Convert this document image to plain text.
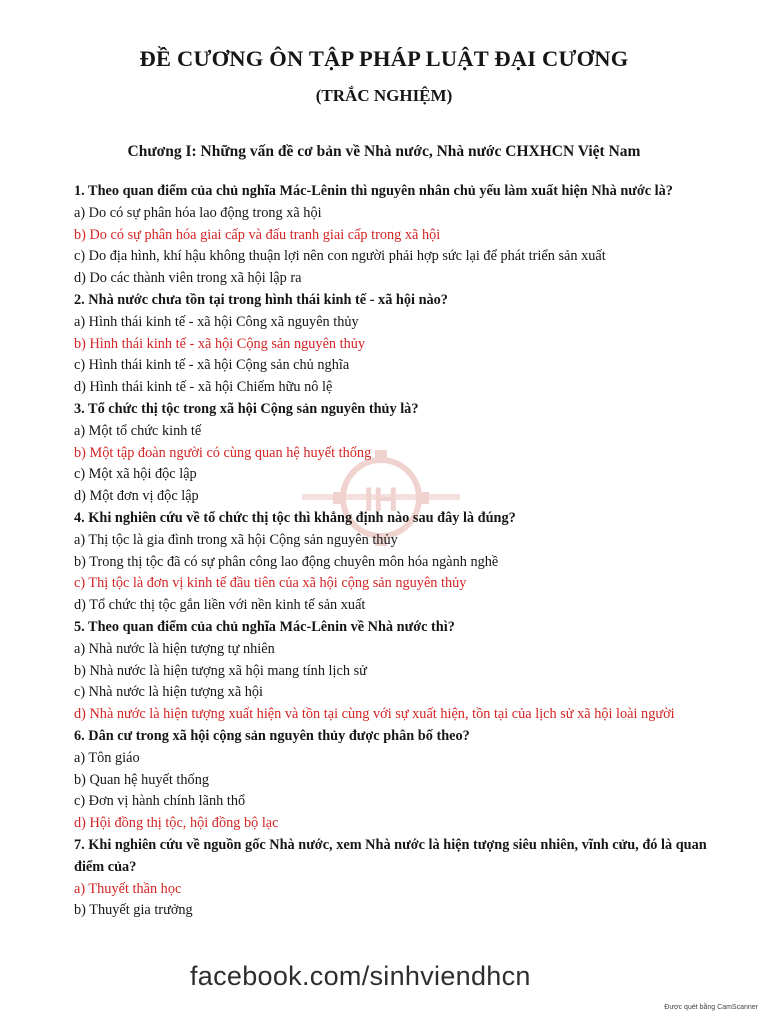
IH
ĐỀ CƯƠNG ÔN TẬP PHÁP LUẬT ĐẠI CƯƠNG
(TRẮC NGHIỆM)
Chương I: Những vấn đề cơ bản về Nhà nước, Nhà nước CHXHCN Việt Nam
1. Theo quan điểm của chủ nghĩa Mác-Lênin thì nguyên nhân chủ yếu làm xuất hiện Nhà nước là?
a) Do có sự phân hóa lao động trong xã hội
b) Do có sự phân hóa giai cấp và đấu tranh giai cấp trong xã hội
c) Do địa hình, khí hậu không thuận lợi nên con người phải hợp sức lại để phát triển sản xuất
d) Do các thành viên trong xã hội lập ra
2. Nhà nước chưa tồn tại trong hình thái kinh tế - xã hội nào?
a) Hình thái kinh tế - xã hội Công xã nguyên thủy
b) Hình thái kinh tế - xã hội Cộng sản nguyên thủy
c) Hình thái kinh tế - xã hội Cộng sản chủ nghĩa
d) Hình thái kinh tế - xã hội Chiếm hữu nô lệ
3. Tổ chức thị tộc trong xã hội Cộng sản nguyên thủy là?
a) Một tổ chức kinh tế
b) Một tập đoàn người có cùng quan hệ huyết thống
c) Một xã hội độc lập
d) Một đơn vị độc lập
4. Khi nghiên cứu về tổ chức thị tộc thì khẳng định nào sau đây là đúng?
a) Thị tộc là gia đình trong xã hội Cộng sản nguyên thủy
b) Trong thị tộc đã có sự phân công lao động chuyên môn hóa ngành nghề
c) Thị tộc là đơn vị kinh tế đầu tiên của xã hội cộng sản nguyên thủy
d) Tổ chức thị tộc gắn liền với nền kinh tế sản xuất
5. Theo quan điểm của chủ nghĩa Mác-Lênin về Nhà nước thì?
a) Nhà nước là hiện tượng tự nhiên
b) Nhà nước là hiện tượng xã hội mang tính lịch sử
c) Nhà nước là hiện tượng xã hội
d) Nhà nước là hiện tượng xuất hiện và tồn tại cùng với sự xuất hiện, tồn tại của lịch sử xã hội loài người
6. Dân cư trong xã hội cộng sản nguyên thủy được phân bố theo?
a) Tôn giáo
b) Quan hệ huyết thống
c) Đơn vị hành chính lãnh thổ
d) Hội đồng thị tộc, hội đồng bộ lạc
7. Khi nghiên cứu về nguồn gốc Nhà nước, xem Nhà nước là hiện tượng siêu nhiên, vĩnh cửu, đó là quan điểm của?
a) Thuyết thần học
b) Thuyết gia trưởng
facebook.com/sinhviendhcn
Được quét bằng CamScanner
